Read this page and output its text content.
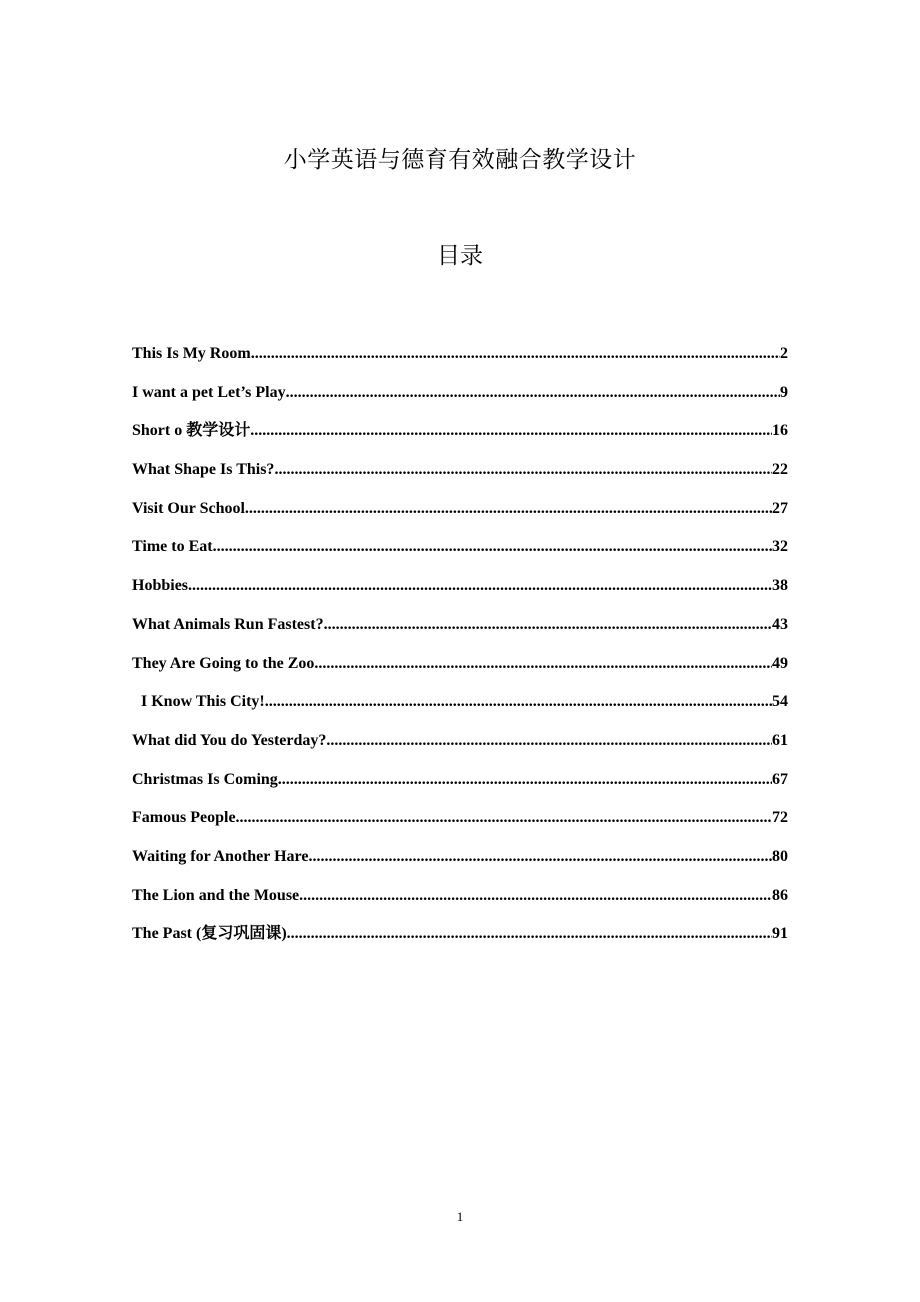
小学英语与德育有效融合教学设计
目录
This Is My Room .....	2
I want a pet Let’s Play .....	9
Short o 教学设计 .....	16
What Shape Is This? .....	22
Visit Our School .....	27
Time to Eat .....	32
Hobbies .....	38
What Animals Run Fastest? .....	43
They Are Going to the Zoo .....	49
I Know This City! .....	54
What did You do Yesterday? .....	61
Christmas Is Coming .....	67
Famous People .....	72
Waiting for Another Hare .....	80
The Lion and the Mouse .....	86
The Past (复习巩固课) .....	91
1
